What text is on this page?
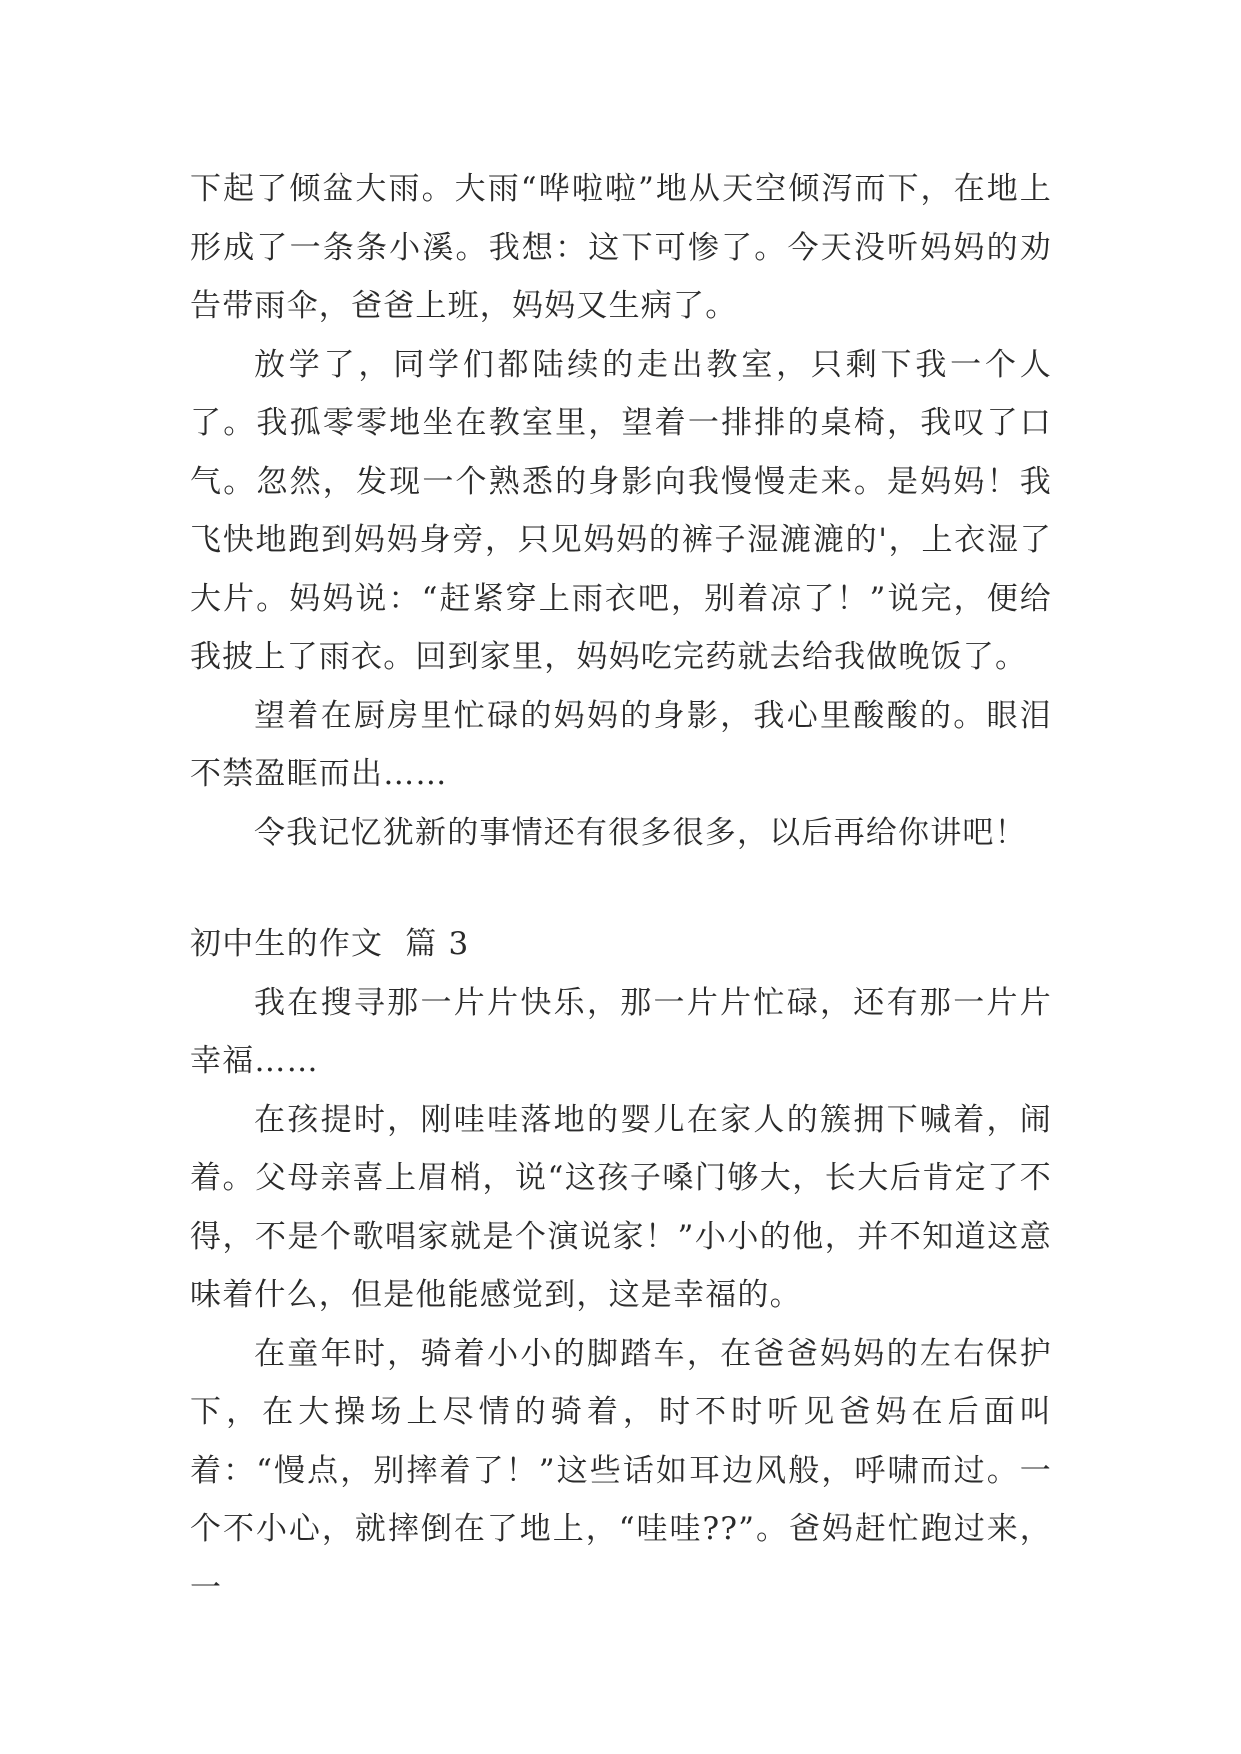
下起了倾盆大雨。大雨“哗啦啦”地从天空倾泻而下，在地上形成了一条条小溪。我想：这下可惨了。今天没听妈妈的劝告带雨伞，爸爸上班，妈妈又生病了。

放学了，同学们都陆续的走出教室，只剩下我一个人了。我孤零零地坐在教室里，望着一排排的桌椅，我叹了口气。忽然，发现一个熟悉的身影向我慢慢走来。是妈妈！我飞快地跑到妈妈身旁，只见妈妈的裤子湿漉漉的'，上衣湿了大片。妈妈说：“赶紧穿上雨衣吧，别着凉了！”说完，便给我披上了雨衣。回到家里，妈妈吃完药就去给我做晚饭了。

望着在厨房里忙碌的妈妈的身影，我心里酸酸的。眼泪不禁盈眶而出……

令我记忆犹新的事情还有很多很多，以后再给你讲吧！

初中生的作文  篇 3

我在搜寻那一片片快乐，那一片片忙碌，还有那一片片幸福……

在孩提时，刚哇哇落地的婴儿在家人的簇拥下喊着，闹着。父母亲喜上眉梢，说“这孩子嗓门够大，长大后肯定了不得，不是个歌唱家就是个演说家！”小小的他，并不知道这意味着什么，但是他能感觉到，这是幸福的。

在童年时，骑着小小的脚踏车，在爸爸妈妈的左右保护下，在大操场上尽情的骑着，时不时听见爸妈在后面叫着：“慢点，别摔着了！”这些话如耳边风般，呼啸而过。一个不小心，就摔倒在了地上，“哇哇??”。爸妈赶忙跑过来，一
